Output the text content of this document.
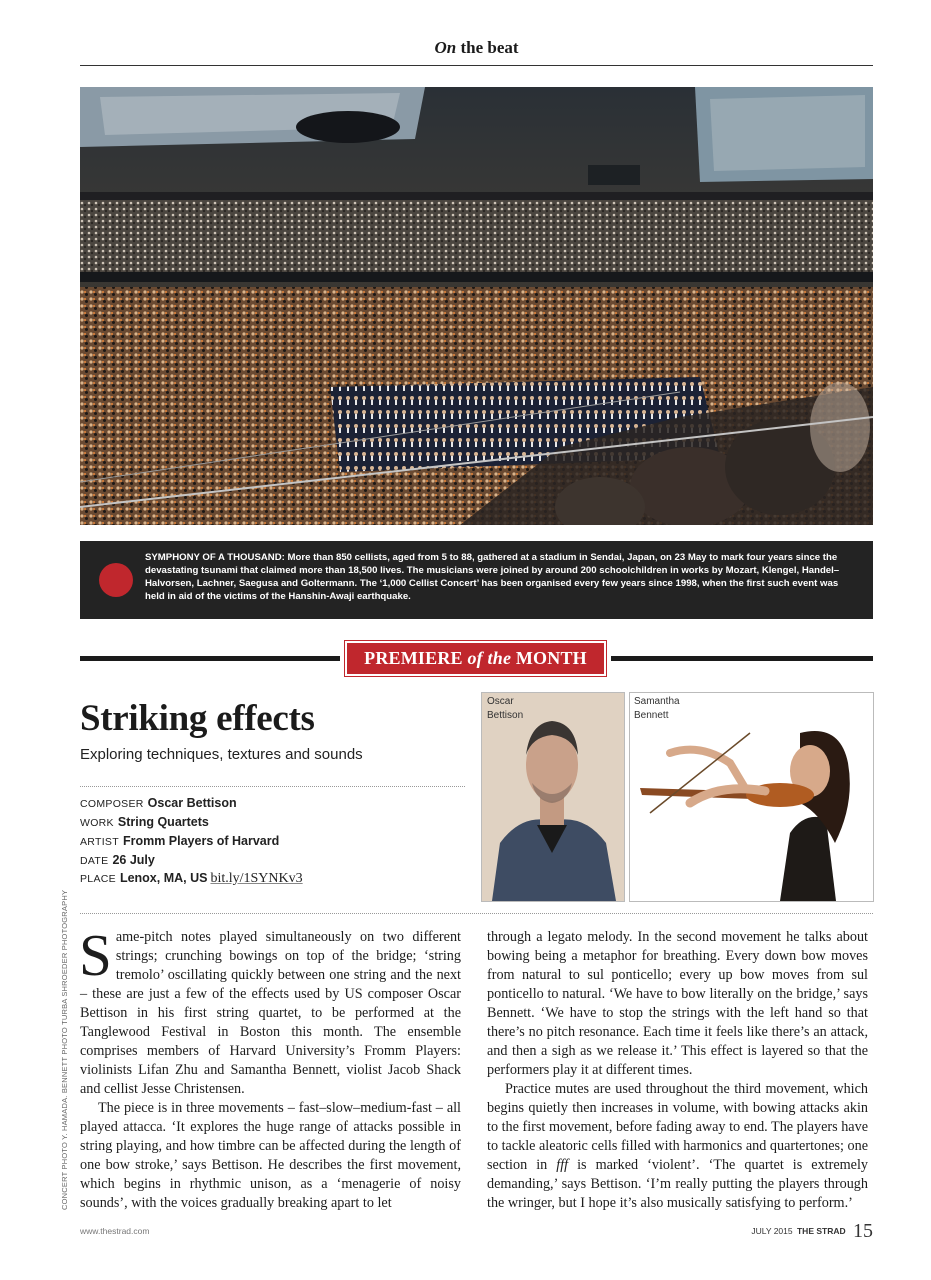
On the beat
SYMPHONY OF A THOUSAND: More than 850 cellists, aged from 5 to 88, gathered at a stadium in Sendai, Japan, on 23 May to mark four years since the devastating tsunami that claimed more than 18,500 lives. The musicians were joined by around 200 schoolchildren in works by Mozart, Klengel, Handel–Halvorsen, Lachner, Saegusa and Goltermann. The ‘1,000 Cellist Concert’ has been organised every few years since 1998, when the first such event was held in aid of the victims of the Hanshin-Awaji earthquake.
PREMIERE of the MONTH
Striking effects
Exploring techniques, textures and sounds
COMPOSER Oscar Bettison
WORK String Quartets
ARTIST Fromm Players of Harvard
DATE 26 July
PLACE Lenox, MA, US bit.ly/1SYNKv3
Oscar
Bettison
Samantha
Bennett
CONCERT PHOTO Y. HAMADA. BENNETT PHOTO TURBA SHROEDER PHOTOGRAPHY Same-pitch notes played simultaneously on two different strings; crunching bowings on top of the bridge; ‘string tremolo’ oscillating quickly between one string and the next – these are just a few of the effects used by US composer Oscar Bettison in his first string quartet, to be performed at the Tanglewood Festival in Boston this month. The ensemble comprises members of Harvard University’s Fromm Players: violinists Lifan Zhu and Samantha Bennett, violist Jacob Shack and cellist Jesse Christensen.

The piece is in three movements – fast–slow–medium-fast – all played attacca. ‘It explores the huge range of attacks possible in string playing, and how timbre can be affected during the length of one bow stroke,’ says Bettison. He describes the first movement, which begins in rhythmic unison, as a ‘menagerie of noisy sounds’, with the voices gradually breaking apart to let

through a legato melody. In the second movement he talks about bowing being a metaphor for breathing. Every down bow moves from natural to sul ponticello; every up bow moves from sul ponticello to natural. ‘We have to bow literally on the bridge,’ says Bennett. ‘We have to stop the strings with the left hand so that there’s no pitch resonance. Each time it feels like there’s an attack, and then a sigh as we release it.’ This effect is layered so that the performers play it at different times.

Practice mutes are used throughout the third movement, which begins quietly then increases in volume, with bowing attacks akin to the first movement, before fading away to end. The players have to tackle aleatoric cells filled with harmonics and quartertones; one section in fff is marked ‘violent’. ‘The quartet is extremely demanding,’ says Bettison. ‘I’m really putting the players through the wringer, but I hope it’s also musically satisfying to perform.’

www.thestrad.com	JULY 2015 THE STRAD 15
